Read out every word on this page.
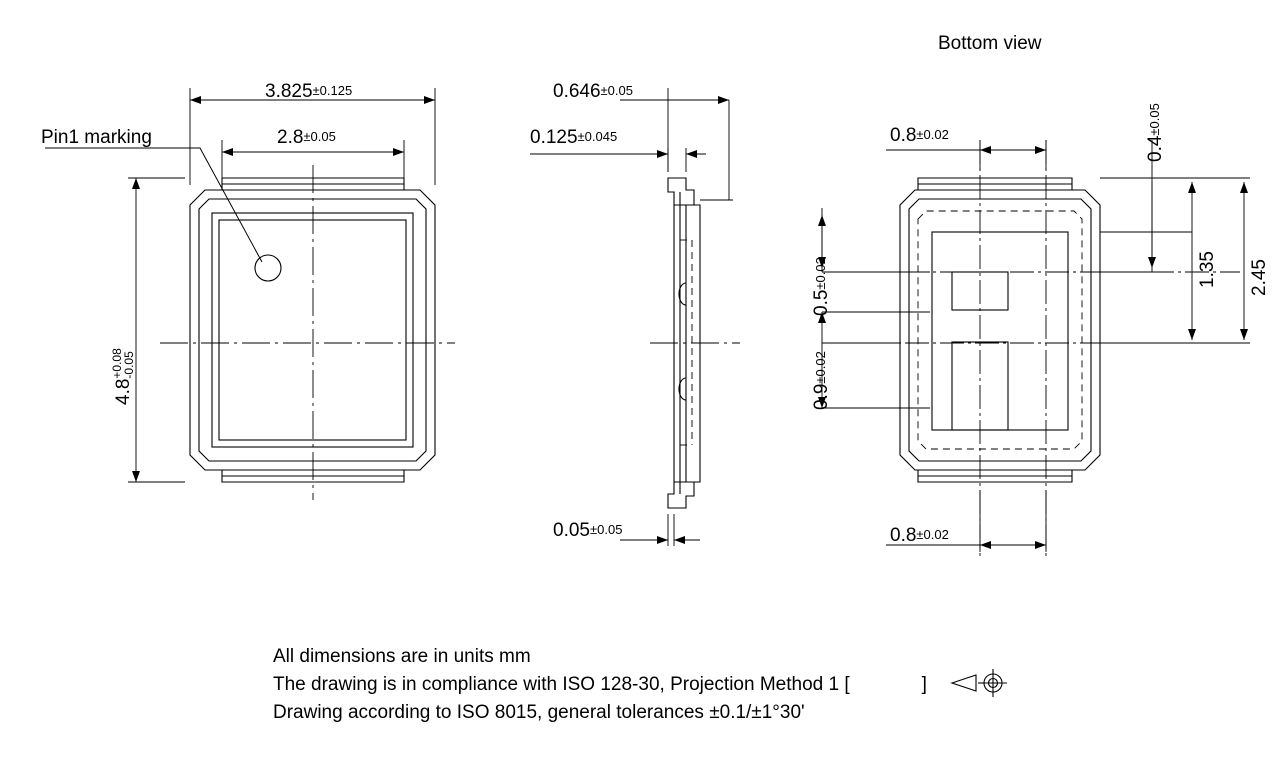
Pin1 marking
Bottom view
3.825±0.125
2.8±0.05
4.8
+0.08
-0.05
0.646±0.05
0.125±0.045
0.05±0.05
0.8±0.02
0.8±0.02
0.5±0.02
0.9±0.02
0.4±0.05
1.35 2.45
All dimensions are in units mm
The drawing is in compliance with ISO 128-30, Projection Method 1 [	]
Drawing according to ISO 8015, general tolerances ±0.1/±1°30'
